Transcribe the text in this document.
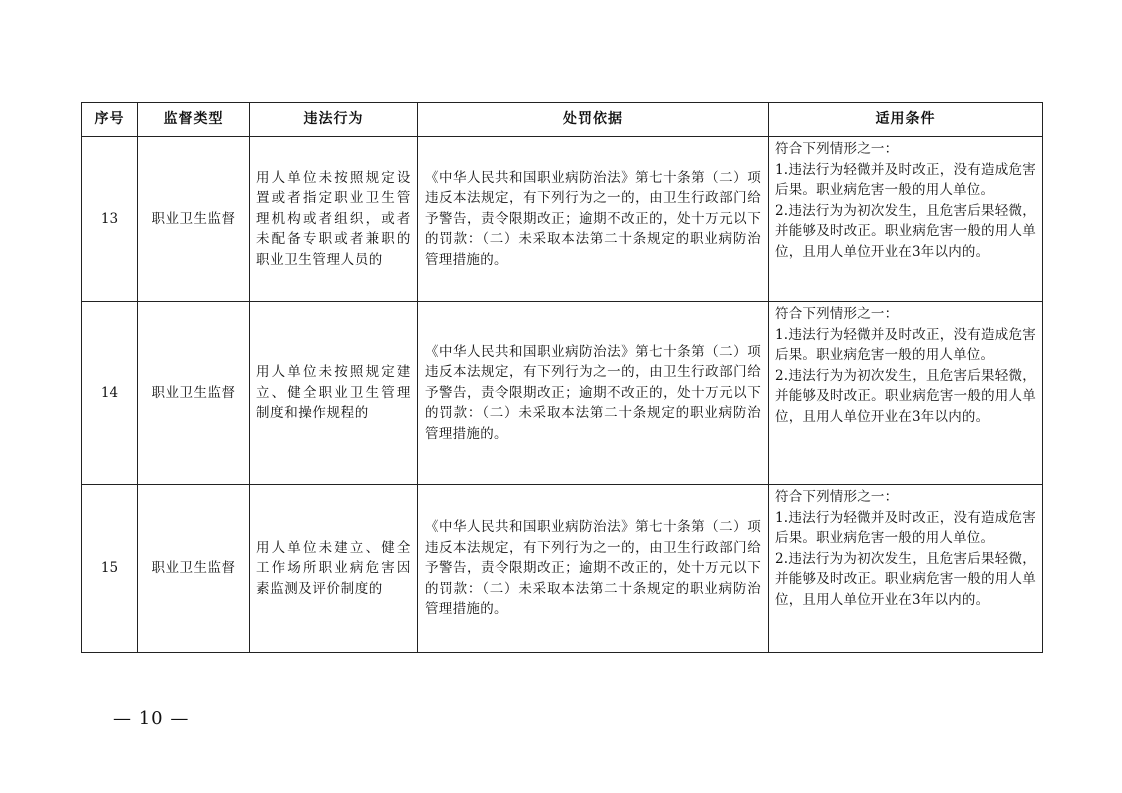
序号	监督类型	违法行为	处罚依据	适用条件
13	职业卫生监督	用人单位未按照规定设置或者指定职业卫生管理机构或者组织，或者未配备专职或者兼职的职业卫生管理人员的	《中华人民共和国职业病防治法》第七十条第（二）项违反本法规定，有下列行为之一的，由卫生行政部门给予警告，责令限期改正；逾期不改正的，处十万元以下的罚款：（二）未采取本法第二十条规定的职业病防治管理措施的。	符合下列情形之一：
1.违法行为轻微并及时改正，没有造成危害后果。职业病危害一般的用人单位。
2.违法行为为初次发生，且危害后果轻微，并能够及时改正。职业病危害一般的用人单位，且用人单位开业在3年以内的。

14	职业卫生监督	用人单位未按照规定建立、健全职业卫生管理制度和操作规程的	《中华人民共和国职业病防治法》第七十条第（二）项违反本法规定，有下列行为之一的，由卫生行政部门给予警告，责令限期改正；逾期不改正的，处十万元以下的罚款：（二）未采取本法第二十条规定的职业病防治管理措施的。	符合下列情形之一：
1.违法行为轻微并及时改正，没有造成危害后果。职业病危害一般的用人单位。
2.违法行为为初次发生，且危害后果轻微，并能够及时改正。职业病危害一般的用人单位，且用人单位开业在3年以内的。

15	职业卫生监督	用人单位未建立、健全工作场所职业病危害因素监测及评价制度的	《中华人民共和国职业病防治法》第七十条第（二）项违反本法规定，有下列行为之一的，由卫生行政部门给予警告，责令限期改正；逾期不改正的，处十万元以下的罚款：（二）未采取本法第二十条规定的职业病防治管理措施的。	符合下列情形之一：
1.违法行为轻微并及时改正，没有造成危害后果。职业病危害一般的用人单位。
2.违法行为为初次发生，且危害后果轻微，并能够及时改正。职业病危害一般的用人单位，且用人单位开业在3年以内的。
— 10 —
